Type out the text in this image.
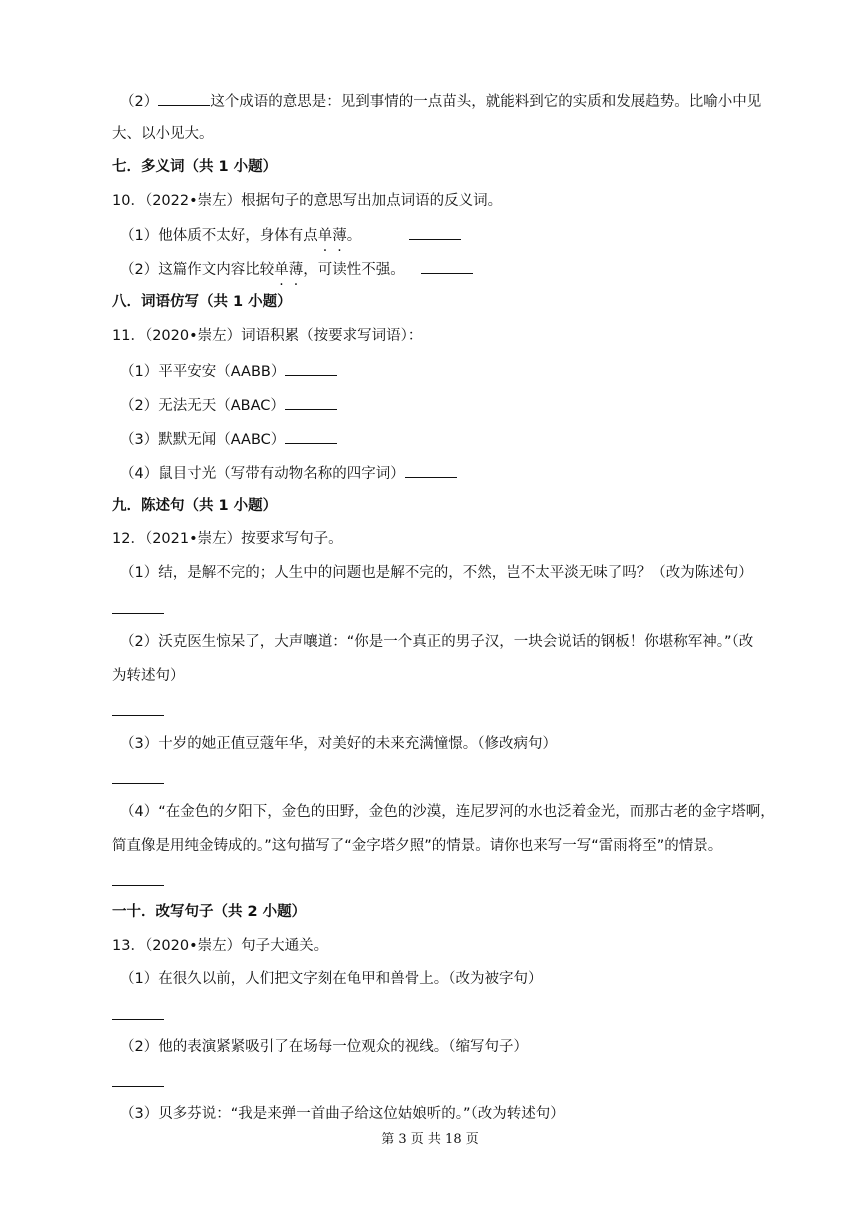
（2）	这个成语的意思是：见到事情的一点苗头，就能料到它的实质和发展趋势。比喻小中见
大、以小见大。
七．多义词（共 1 小题）
10．（2022•崇左）根据句子的意思写出加点词语的反义词。
（1）他体质不太好，身体有点单薄。
（2）这篇作文内容比较单薄，可读性不强。
八．词语仿写（共 1 小题）
11．（2020•崇左）词语积累（按要求写词语）：
（1）平平安安（AABB）
（2）无法无天（ABAC）
（3）默默无闻（AABC）
（4）鼠目寸光（写带有动物名称的四字词）
九．陈述句（共 1 小题）
12．（2021•崇左）按要求写句子。
（1）结，是解不完的；人生中的问题也是解不完的，不然，岂不太平淡无味了吗？（改为陈述句）
（2）沃克医生惊呆了，大声嚷道：“你是一个真正的男子汉，一块会说话的钢板！你堪称军神。”（改
为转述句）
（3）十岁的她正值豆蔻年华，对美好的未来充满憧憬。（修改病句）
（4）“在金色的夕阳下，金色的田野，金色的沙漠，连尼罗河的水也泛着金光，而那古老的金字塔啊，
简直像是用纯金铸成的。”这句描写了“金字塔夕照”的情景。请你也来写一写“雷雨将至”的情景。
一十．改写句子（共 2 小题）
13．（2020•崇左）句子大通关。
（1）在很久以前，人们把文字刻在龟甲和兽骨上。（改为被字句）
（2）他的表演紧紧吸引了在场每一位观众的视线。（缩写句子）
（3）贝多芬说：“我是来弹一首曲子给这位姑娘听的。”（改为转述句）
第 3 页 共 18 页
